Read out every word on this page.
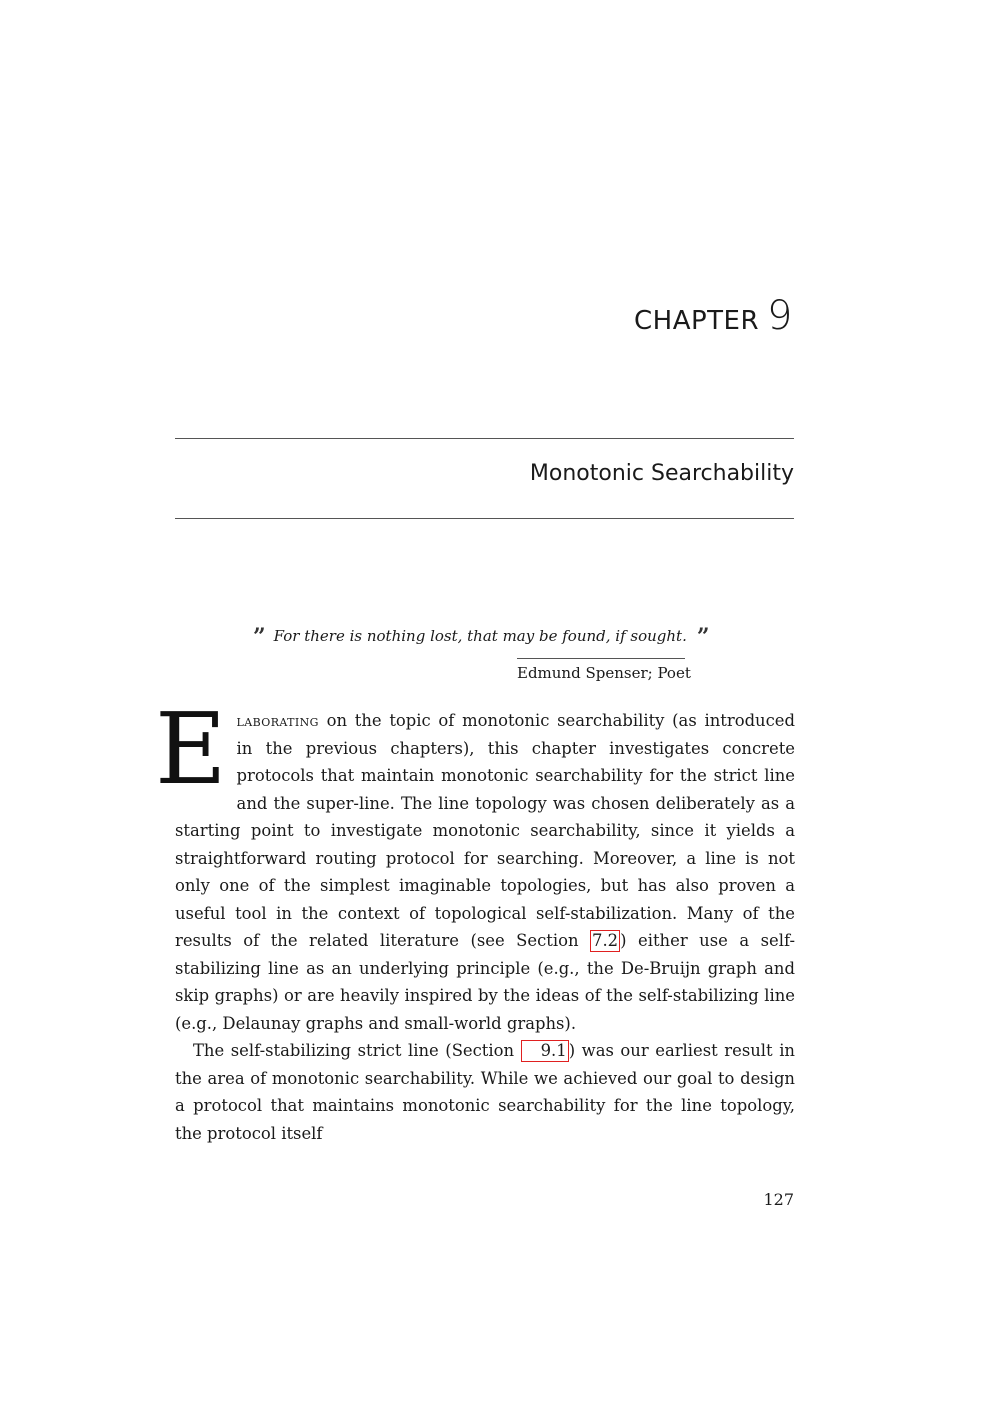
CHAPTER 9
Monotonic Searchability
” For there is nothing lost, that may be found, if sought. ”
Edmund Spenser; Poet

Elaborating on the topic of monotonic searchability (as introduced in the previous chapters), this chapter investigates concrete protocols that maintain monotonic searchability for the strict line and the super-line. The line topology was chosen deliberately as a starting point to investigate monotonic searchability, since it yields a straightforward routing protocol for searching. Moreover, a line is not only one of the simplest imaginable topologies, but has also proven a useful tool in the context of topological self-stabilization. Many of the results of the related literature (see Section 7.2 ) either use a self-stabilizing line as an underlying principle (e.g., the De-Bruijn graph and skip graphs) or are heavily inspired by the ideas of the self-stabilizing line (e.g., Delaunay graphs and small-world graphs).

The self-stabilizing strict line (Section 9.1 ) was our earliest result in the area of monotonic searchability. While we achieved our goal to design a protocol that maintains monotonic searchability for the line topology, the protocol itself

127
